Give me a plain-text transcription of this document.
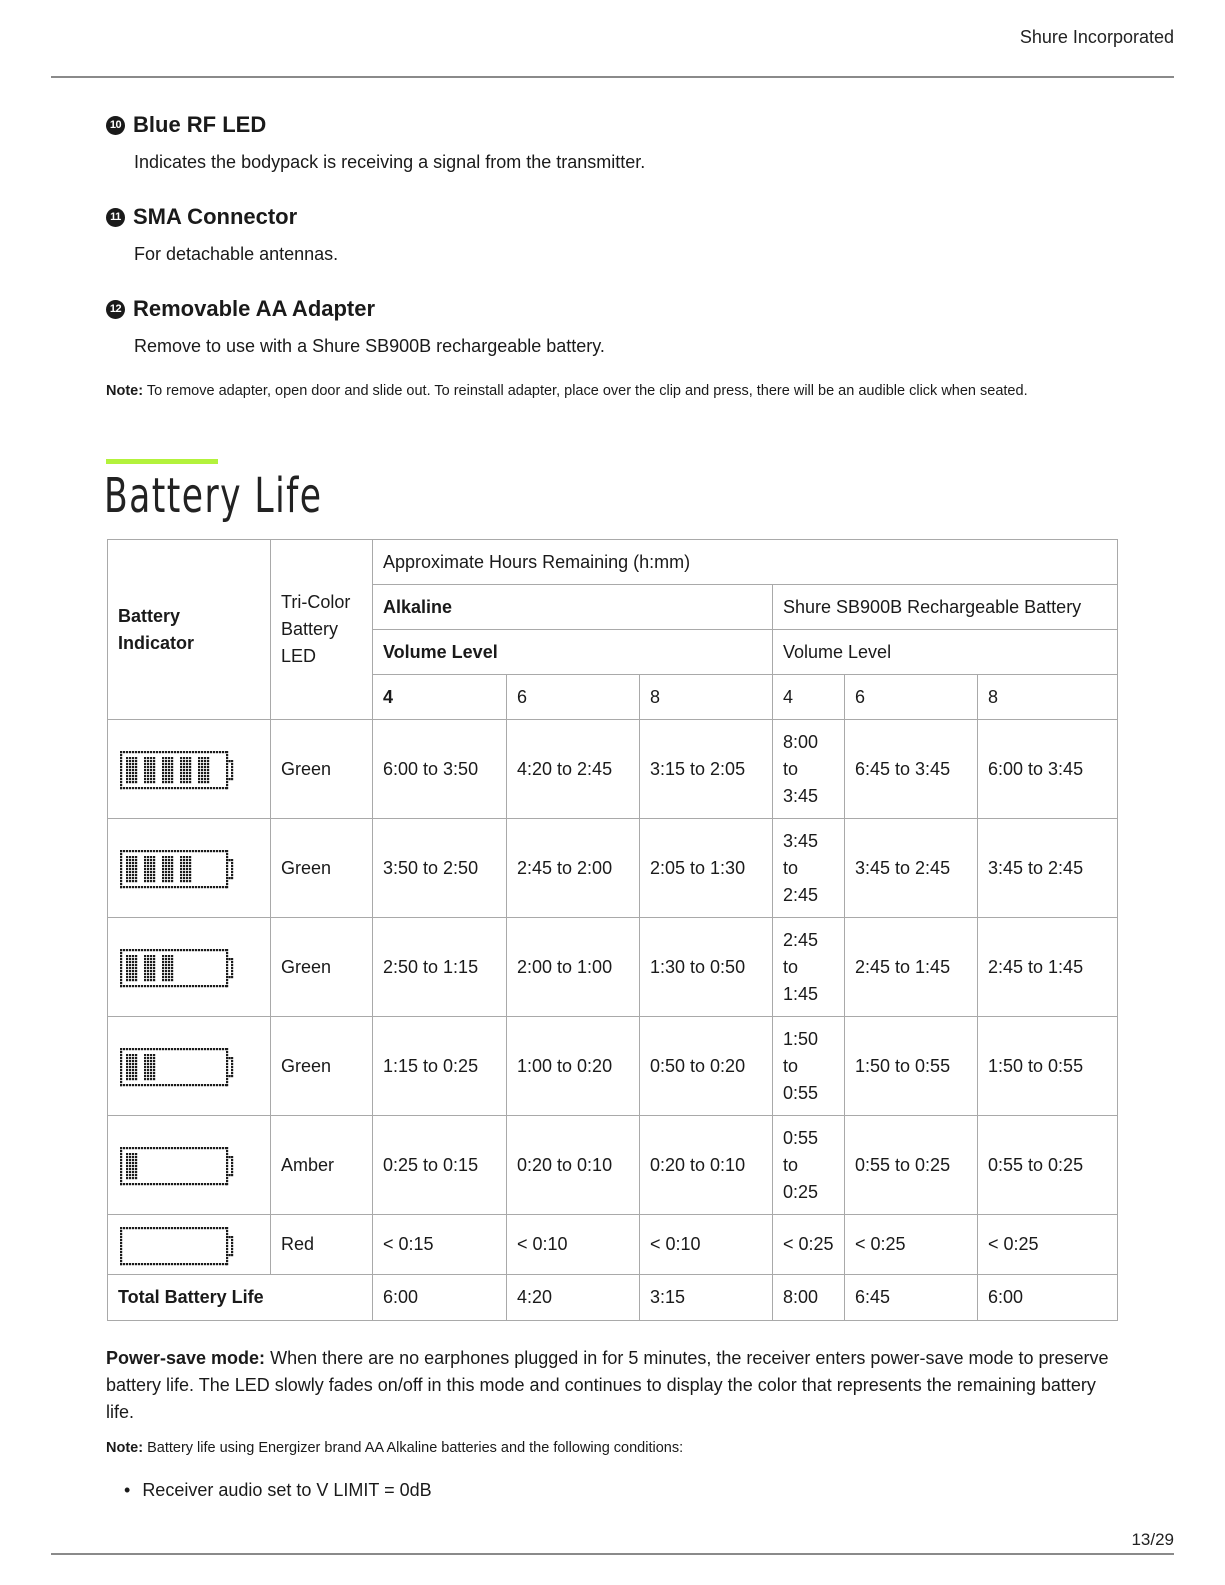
Shure Incorporated
10 Blue RF LED

Indicates the bodypack is receiving a signal from the transmitter.

11 SMA Connector

For detachable antennas.

12 Removable AA Adapter

Remove to use with a Shure SB900B rechargeable battery.

Note: To remove adapter, open door and slide out. To reinstall adapter, place over the clip and press, there will be an audible click when seated.
Battery Life
Battery Indicator	Tri-Color Battery LED	Approximate Hours Remaining (h:mm)					
		Alkaline			Shure SB900B Rechargeable Battery		
		Volume Level			Volume Level		
		4	6	8	4	6	8

	Green	6:00 to 3:50	4:20 to 2:45	3:15 to 2:05	8:00 to 3:45	6:45 to 3:45	6:00 to 3:45

	Green	3:50 to 2:50	2:45 to 2:00	2:05 to 1:30	3:45 to 2:45	3:45 to 2:45	3:45 to 2:45

	Green	2:50 to 1:15	2:00 to 1:00	1:30 to 0:50	2:45 to 1:45	2:45 to 1:45	2:45 to 1:45

	Green	1:15 to 0:25	1:00 to 0:20	0:50 to 0:20	1:50 to 0:55	1:50 to 0:55	1:50 to 0:55

	Amber	0:25 to 0:15	0:20 to 0:10	0:20 to 0:10	0:55 to 0:25	0:55 to 0:25	0:55 to 0:25

	Red	< 0:15	< 0:10	< 0:10	< 0:25	< 0:25	< 0:25
Total Battery Life		6:00	4:20	3:15	8:00	6:45	6:00

Power-save mode: When there are no earphones plugged in for 5 minutes, the receiver enters power-save mode to preserve battery life. The LED slowly fades on/off in this mode and continues to display the color that represents the remaining battery life.

Note: Battery life using Energizer brand AA Alkaline batteries and the following conditions:
• Receiver audio set to V LIMIT = 0dB
13/29
